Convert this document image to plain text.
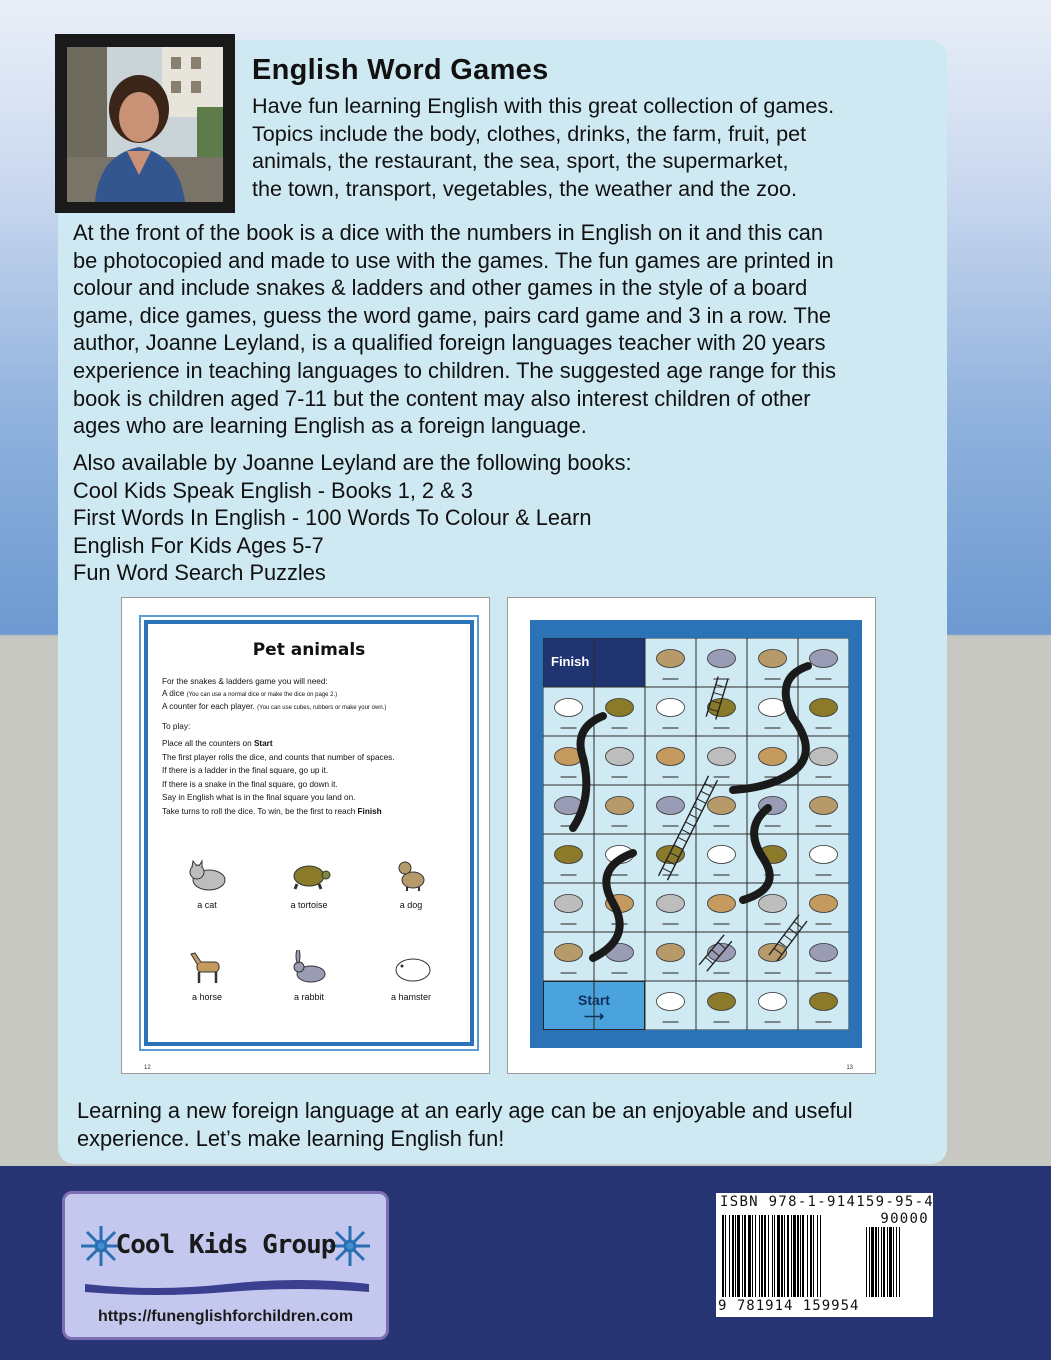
English Word Games
Have fun learning English with this great collection of games.
Topics include the body, clothes, drinks, the farm, fruit, pet
animals, the restaurant, the sea, sport, the supermarket,
the town, transport, vegetables, the weather and the zoo.
At the front of the book is a dice with the numbers in English on it and this can
be photocopied and made to use with the games. The fun games are printed in
colour and include snakes & ladders and other games in the style of a board
game, dice games, guess the word game, pairs card game and 3 in a row. The
author, Joanne Leyland, is a qualified foreign languages teacher with 20 years
experience in teaching languages to children. The suggested age range for this
book is children aged 7-11 but the content may also interest children of other
ages who are learning English as a foreign language.
Also available by Joanne Leyland are the following books:
Cool Kids Speak English - Books 1, 2 & 3
First Words In English - 100 Words To Colour & Learn
English For Kids Ages 5-7
Fun Word Search Puzzles
Pet animals
For the snakes & ladders game you will need:
A dice (You can use a normal dice or make the dice on page 2.)
A counter for each player. (You can use cubes, rubbers or make your own.)
To play:
Place all the counters on Start
The first player rolls the dice, and counts that number of spaces.
If there is a ladder in the final square, go up it.
If there is a snake in the final square, go down it.
Say in English what is in the final square you land on.
Take turns to roll the dice. To win, be the first to reach Finish
a cat	a tortoise	a dog
a horse	a rabbit	a hamster
12
Finish
Start
⟶
13
Learning a new foreign language at an early age can be an enjoyable and useful
experience. Let’s make learning English fun!
Cool Kids Group
https://funenglishforchildren.com
ISBN 978-1-914159-95-4
90000
9 781914 159954
